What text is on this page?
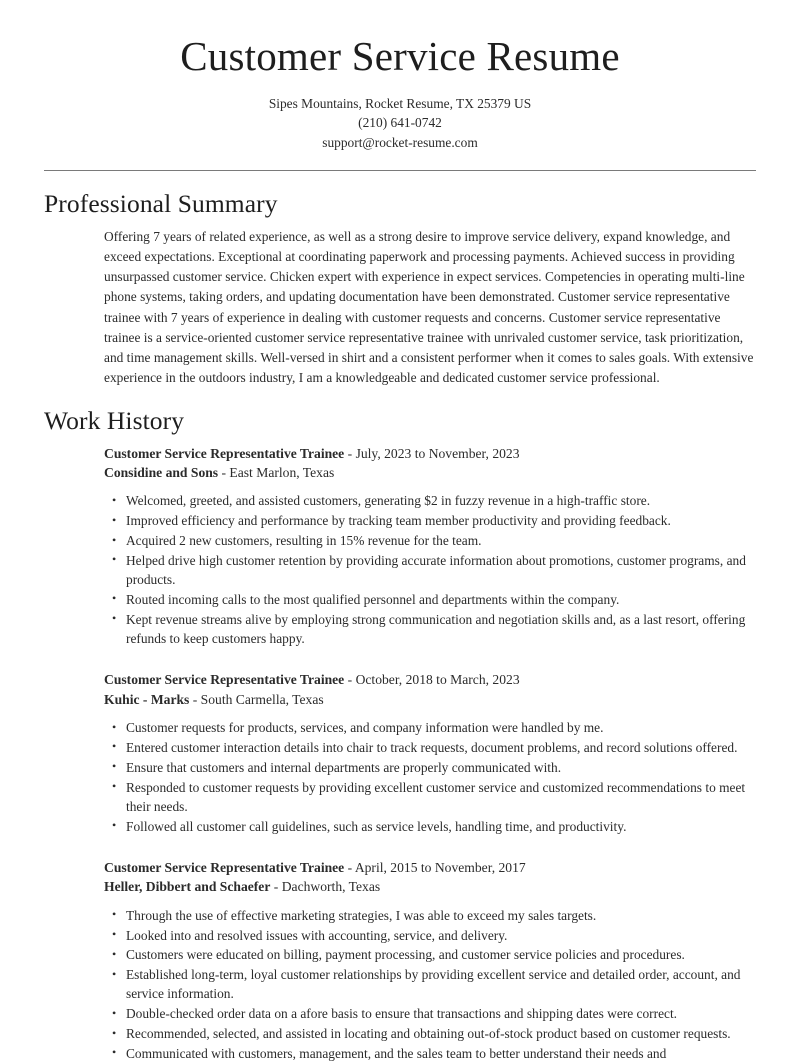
Customer Service Resume
Sipes Mountains, Rocket Resume, TX 25379 US
(210) 641-0742
support@rocket-resume.com
Professional Summary

Offering 7 years of related experience, as well as a strong desire to improve service delivery, expand knowledge, and exceed expectations. Exceptional at coordinating paperwork and processing payments. Achieved success in providing unsurpassed customer service. Chicken expert with experience in expect services. Competencies in operating multi-line phone systems, taking orders, and updating documentation have been demonstrated. Customer service representative trainee with 7 years of experience in dealing with customer requests and concerns. Customer service representative trainee is a service-oriented customer service representative trainee with unrivaled customer service, task prioritization, and time management skills. Well-versed in shirt and a consistent performer when it comes to sales goals. With extensive experience in the outdoors industry, I am a knowledgeable and dedicated customer service professional.

Work History
Customer Service Representative Trainee - July, 2023 to November, 2023
Considine and Sons - East Marlon, Texas
• Welcomed, greeted, and assisted customers, generating $2 in fuzzy revenue in a high-traffic store.
• Improved efficiency and performance by tracking team member productivity and providing feedback.
• Acquired 2 new customers, resulting in 15% revenue for the team.
• Helped drive high customer retention by providing accurate information about promotions, customer programs, and products.
• Routed incoming calls to the most qualified personnel and departments within the company.
• Kept revenue streams alive by employing strong communication and negotiation skills and, as a last resort, offering refunds to keep customers happy.
Customer Service Representative Trainee - October, 2018 to March, 2023
Kuhic - Marks - South Carmella, Texas
• Customer requests for products, services, and company information were handled by me.
• Entered customer interaction details into chair to track requests, document problems, and record solutions offered.
• Ensure that customers and internal departments are properly communicated with.
• Responded to customer requests by providing excellent customer service and customized recommendations to meet their needs.
• Followed all customer call guidelines, such as service levels, handling time, and productivity.
Customer Service Representative Trainee - April, 2015 to November, 2017
Heller, Dibbert and Schaefer - Dachworth, Texas
• Through the use of effective marketing strategies, I was able to exceed my sales targets.
• Looked into and resolved issues with accounting, service, and delivery.
• Customers were educated on billing, payment processing, and customer service policies and procedures.
• Established long-term, loyal customer relationships by providing excellent service and detailed order, account, and service information.
• Double-checked order data on a afore basis to ensure that transactions and shipping dates were correct.
• Recommended, selected, and assisted in locating and obtaining out-of-stock product based on customer requests.
• Communicated with customers, management, and the sales team to better understand their needs and
